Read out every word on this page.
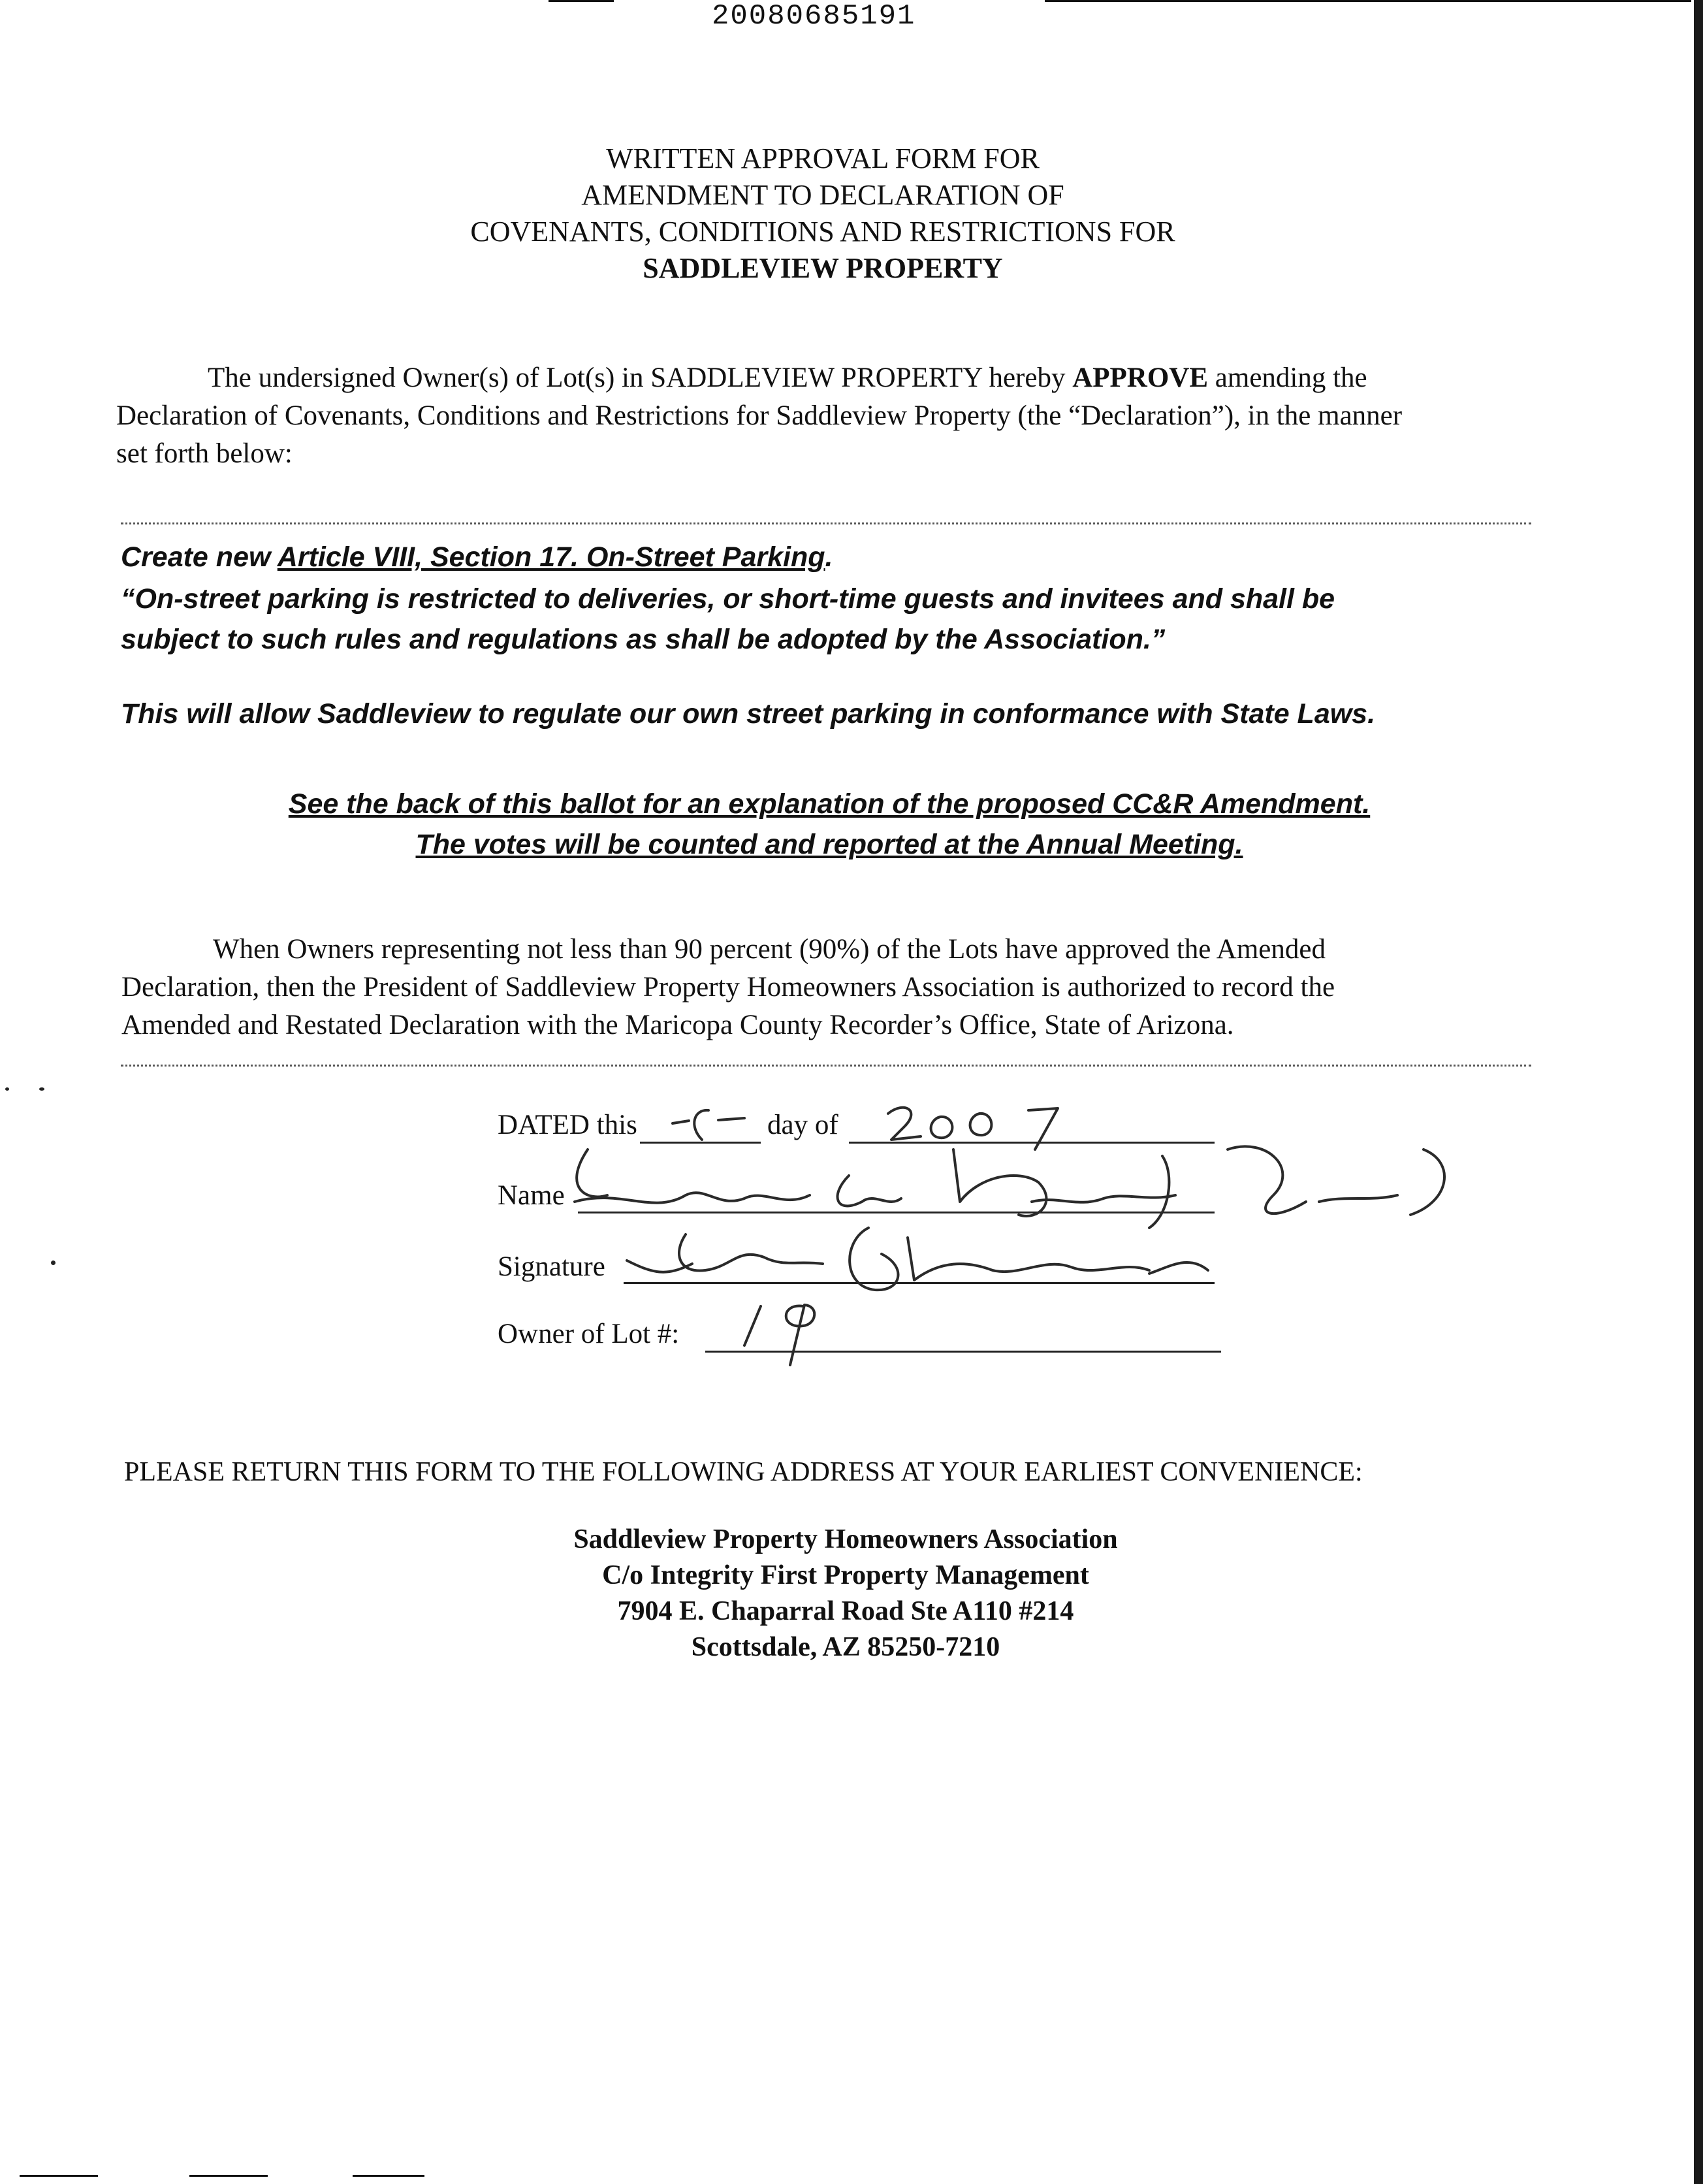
20080685191
WRITTEN APPROVAL FORM FOR
AMENDMENT TO DECLARATION OF
COVENANTS, CONDITIONS AND RESTRICTIONS FOR
SADDLEVIEW PROPERTY
The undersigned Owner(s) of Lot(s) in SADDLEVIEW PROPERTY hereby APPROVE amending the
Declaration of Covenants, Conditions and Restrictions for Saddleview Property (the “Declaration”), in the manner
set forth below:
Create new Article VIII, Section 17. On-Street Parking.
“On-street parking is restricted to deliveries, or short-time guests and invitees and shall be
subject to such rules and regulations as shall be adopted by the Association.”
This will allow Saddleview to regulate our own street parking in conformance with State Laws.
See the back of this ballot for an explanation of the proposed CC&R Amendment.
The votes will be counted and reported at the Annual Meeting.
When Owners representing not less than 90 percent (90%) of the Lots have approved the Amended
Declaration, then the President of Saddleview Property Homeowners Association is authorized to record the
Amended and Restated Declaration with the Maricopa County Recorder’s Office, State of Arizona.
DATED this	day of
Name
Signature
Owner of Lot #:
PLEASE RETURN THIS FORM TO THE FOLLOWING ADDRESS AT YOUR EARLIEST CONVENIENCE:
Saddleview Property Homeowners Association
C/o Integrity First Property Management
7904 E. Chaparral Road Ste A110 #214
Scottsdale, AZ 85250-7210
